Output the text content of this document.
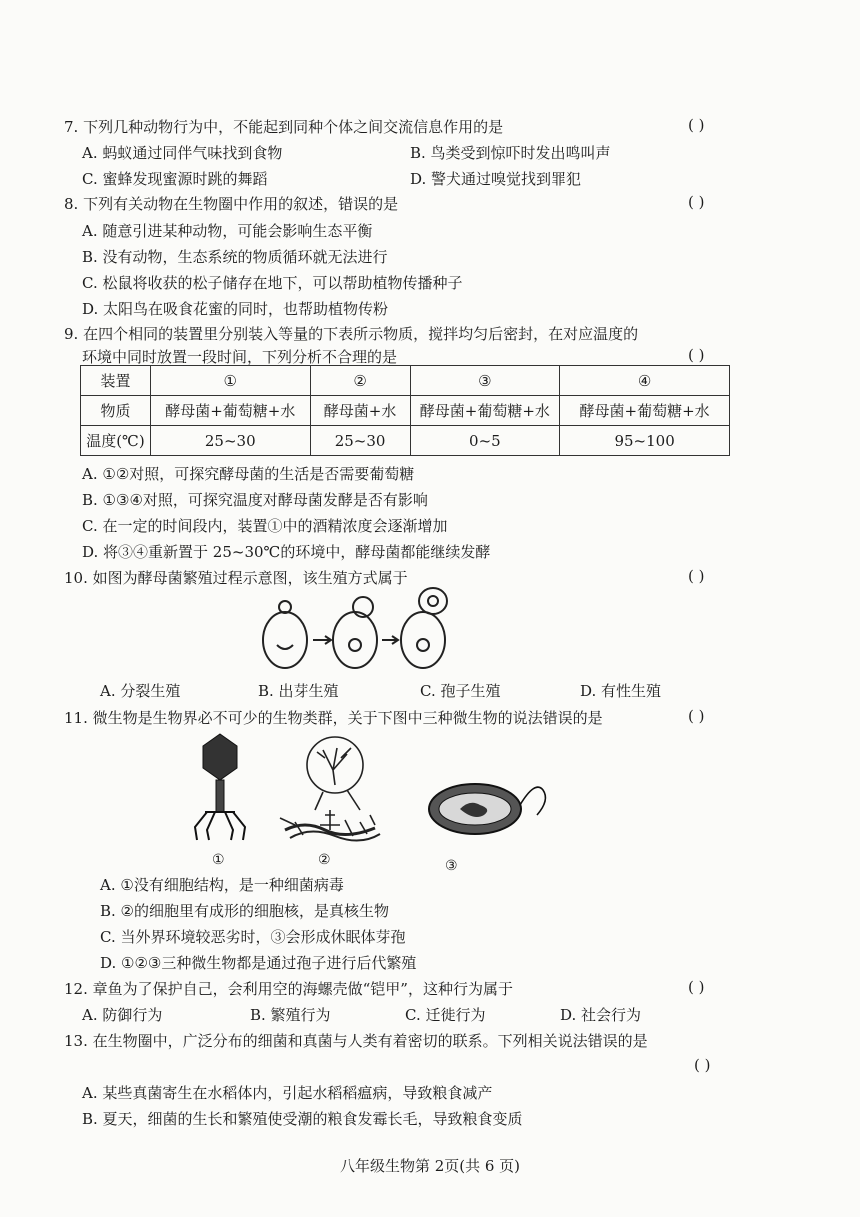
7. 下列几种动物行为中，不能起到同种个体之间交流信息作用的是	( )
A. 蚂蚁通过同伴气味找到食物	B. 鸟类受到惊吓时发出鸣叫声
C. 蜜蜂发现蜜源时跳的舞蹈	D. 警犬通过嗅觉找到罪犯
8. 下列有关动物在生物圈中作用的叙述，错误的是	( )
A. 随意引进某种动物，可能会影响生态平衡
B. 没有动物，生态系统的物质循环就无法进行
C. 松鼠将收获的松子储存在地下，可以帮助植物传播种子
D. 太阳鸟在吸食花蜜的同时，也帮助植物传粉
9. 在四个相同的装置里分别装入等量的下表所示物质，搅拌均匀后密封，在对应温度的
环境中同时放置一段时间，下列分析不合理的是	( )
装置	①	②	③	④
物质	酵母菌+葡萄糖+水	酵母菌+水	酵母菌+葡萄糖+水	酵母菌+葡萄糖+水
温度(℃)	25~30	25~30	0~5	95~100
A. ①②对照，可探究酵母菌的生活是否需要葡萄糖
B. ①③④对照，可探究温度对酵母菌发酵是否有影响
C. 在一定的时间段内，装置①中的酒精浓度会逐渐增加
D. 将③④重新置于 25~30℃的环境中，酵母菌都能继续发酵
10. 如图为酵母菌繁殖过程示意图，该生殖方式属于	( )
A. 分裂生殖	B. 出芽生殖	C. 孢子生殖	D. 有性生殖
11. 微生物是生物界必不可少的生物类群，关于下图中三种微生物的说法错误的是	( )
①	②	③
A. ①没有细胞结构，是一种细菌病毒
B. ②的细胞里有成形的细胞核，是真核生物
C. 当外界环境较恶劣时，③会形成休眠体芽孢
D. ①②③三种微生物都是通过孢子进行后代繁殖
12. 章鱼为了保护自己，会利用空的海螺壳做“铠甲”，这种行为属于	( )
A. 防御行为	B. 繁殖行为	C. 迁徙行为	D. 社会行为
13. 在生物圈中，广泛分布的细菌和真菌与人类有着密切的联系。下列相关说法错误的是
( )
A. 某些真菌寄生在水稻体内，引起水稻稻瘟病，导致粮食减产
B. 夏天，细菌的生长和繁殖使受潮的粮食发霉长毛，导致粮食变质
八年级生物第 2页(共 6 页)
